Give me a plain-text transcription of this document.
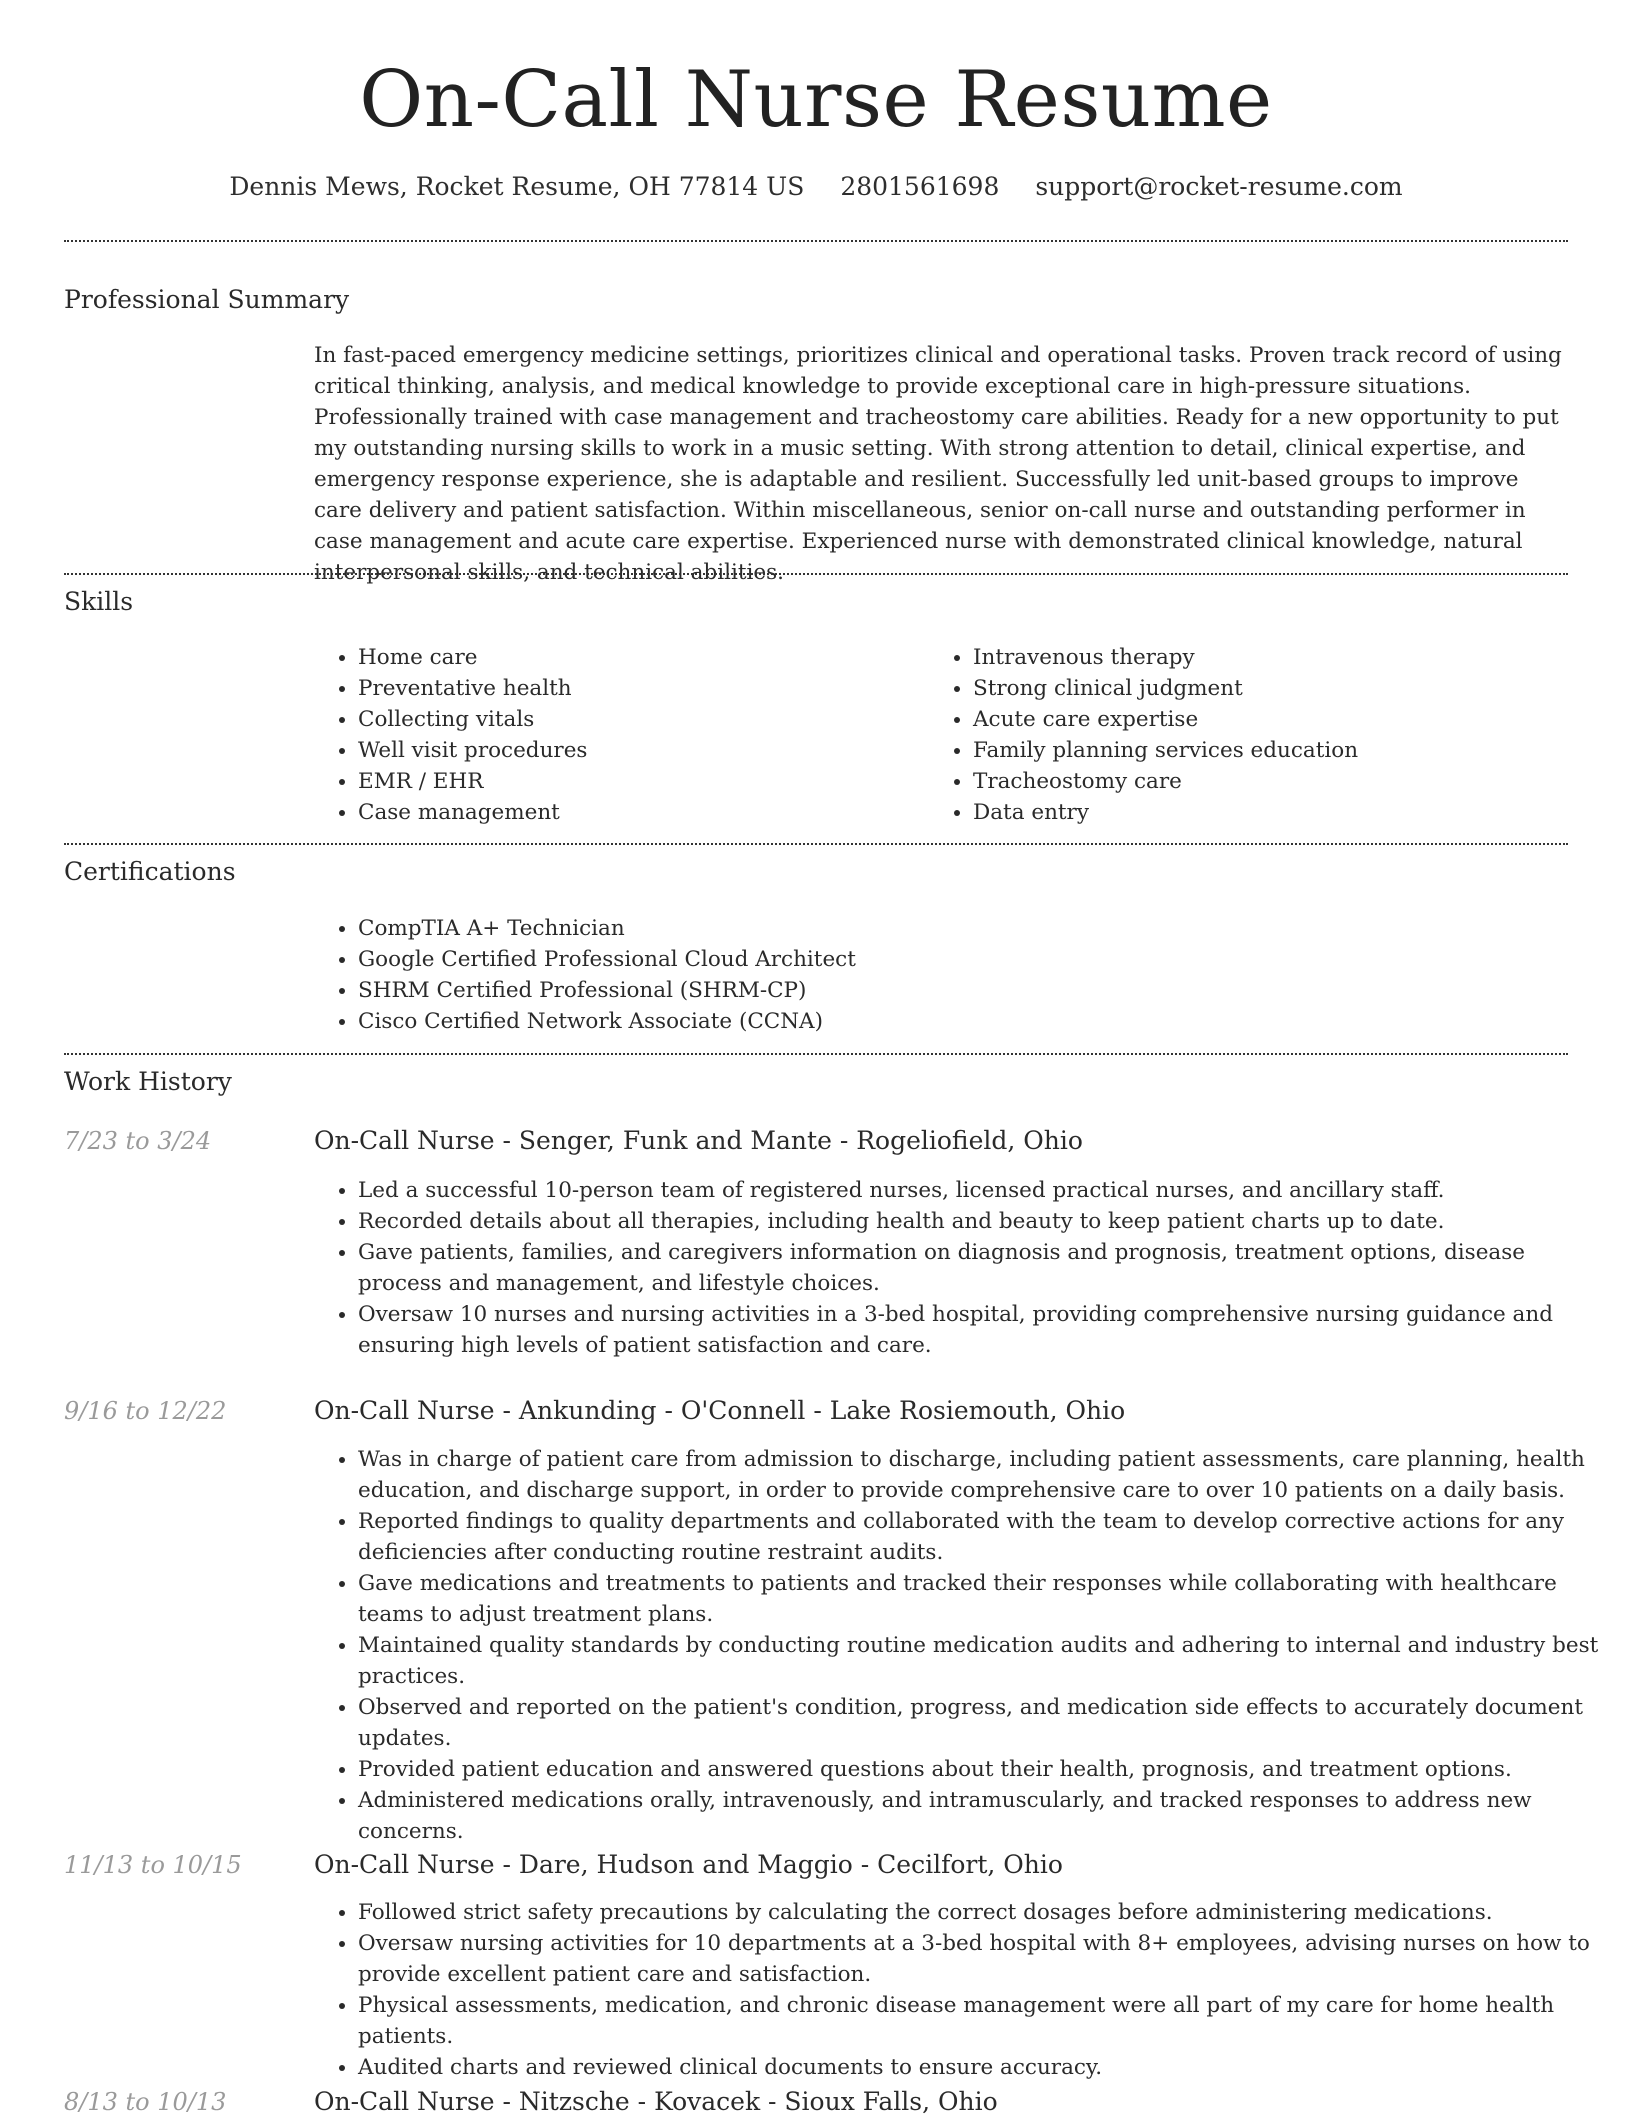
On-Call Nurse Resume
Dennis Mews, Rocket Resume, OH 77814 US 2801561698 support@rocket-resume.com
Professional Summary

In fast-paced emergency medicine settings, prioritizes clinical and operational tasks. Proven track record of using critical thinking, analysis, and medical knowledge to provide exceptional care in high-pressure situations. Professionally trained with case management and tracheostomy care abilities. Ready for a new opportunity to put my outstanding nursing skills to work in a music setting. With strong attention to detail, clinical expertise, and emergency response experience, she is adaptable and resilient. Successfully led unit-based groups to improve care delivery and patient satisfaction. Within miscellaneous, senior on-call nurse and outstanding performer in case management and acute care expertise. Experienced nurse with demonstrated clinical knowledge, natural interpersonal skills, and technical abilities.

Skills
• Home care
• Preventative health
• Collecting vitals
• Well visit procedures
• EMR / EHR
• Case management
• Intravenous therapy
• Strong clinical judgment
• Acute care expertise
• Family planning services education
• Tracheostomy care
• Data entry
Certifications
• CompTIA A+ Technician
• Google Certified Professional Cloud Architect
• SHRM Certified Professional (SHRM-CP)
• Cisco Certified Network Associate (CCNA)
Work History
7/23 to 3/24	On-Call Nurse - Senger, Funk and Mante - Rogeliofield, Ohio
• Led a successful 10-person team of registered nurses, licensed practical nurses, and ancillary staff.
• Recorded details about all therapies, including health and beauty to keep patient charts up to date.
• Gave patients, families, and caregivers information on diagnosis and prognosis, treatment options, disease process and management, and lifestyle choices.
• Oversaw 10 nurses and nursing activities in a 3-bed hospital, providing comprehensive nursing guidance and ensuring high levels of patient satisfaction and care.
9/16 to 12/22	On-Call Nurse - Ankunding - O'Connell - Lake Rosiemouth, Ohio
• Was in charge of patient care from admission to discharge, including patient assessments, care planning, health education, and discharge support, in order to provide comprehensive care to over 10 patients on a daily basis.
• Reported findings to quality departments and collaborated with the team to develop corrective actions for any deficiencies after conducting routine restraint audits.
• Gave medications and treatments to patients and tracked their responses while collaborating with healthcare teams to adjust treatment plans.
• Maintained quality standards by conducting routine medication audits and adhering to internal and industry best practices.
• Observed and reported on the patient's condition, progress, and medication side effects to accurately document updates.
• Provided patient education and answered questions about their health, prognosis, and treatment options.
• Administered medications orally, intravenously, and intramuscularly, and tracked responses to address new concerns.
11/13 to 10/15	On-Call Nurse - Dare, Hudson and Maggio - Cecilfort, Ohio
• Followed strict safety precautions by calculating the correct dosages before administering medications.
• Oversaw nursing activities for 10 departments at a 3-bed hospital with 8+ employees, advising nurses on how to provide excellent patient care and satisfaction.
• Physical assessments, medication, and chronic disease management were all part of my care for home health patients.
• Audited charts and reviewed clinical documents to ensure accuracy.
8/13 to 10/13	On-Call Nurse - Nitzsche - Kovacek - Sioux Falls, Ohio
